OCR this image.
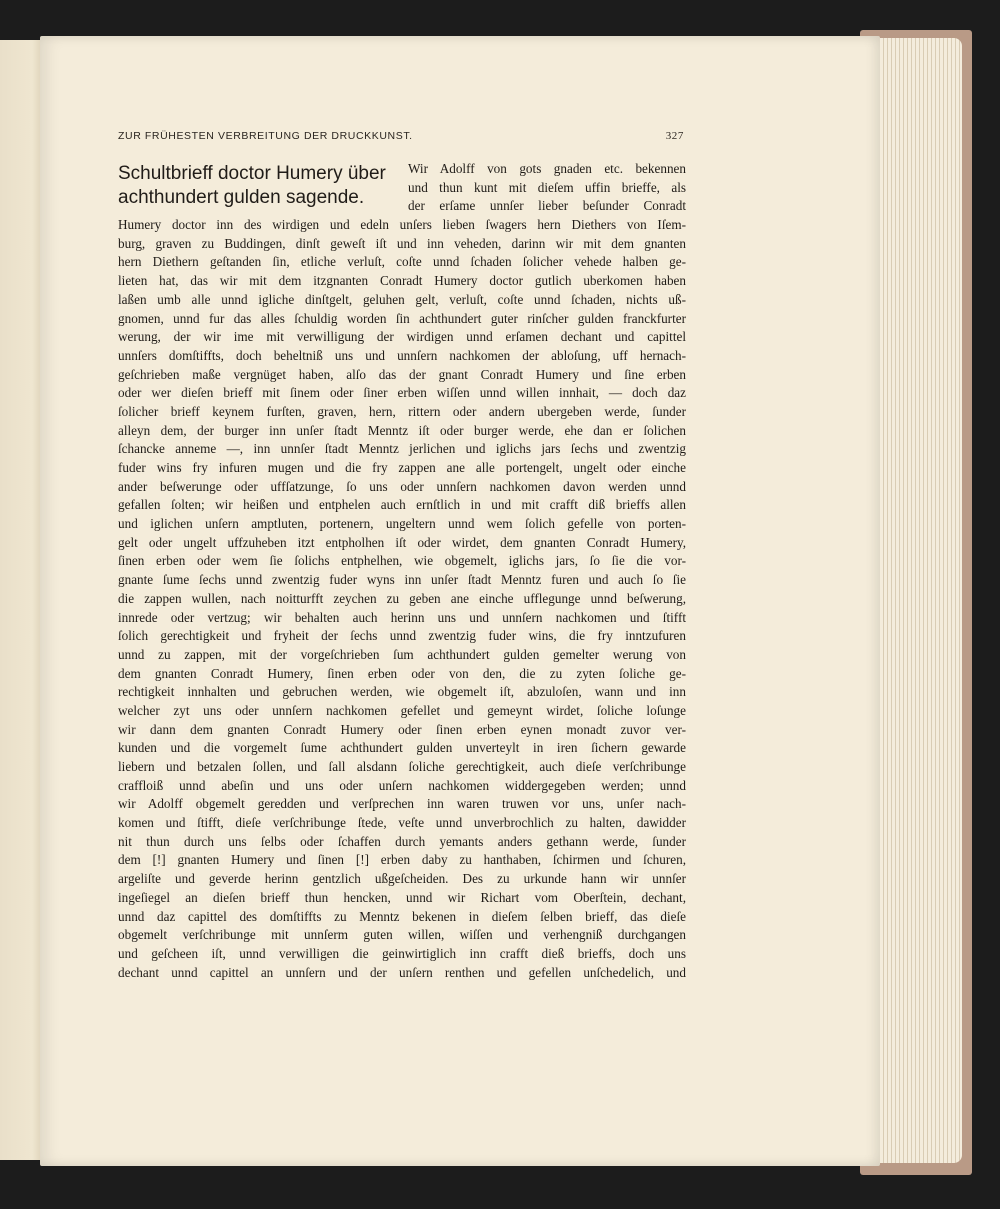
ZUR FRÜHESTEN VERBREITUNG DER DRUCKKUNST.	327
Schultbrieff doctor Humery über
achthundert gulden sagende.
Wir Adolff von gots gnaden etc. bekennen
und thun kunt mit dieſem uffin brieffe, als
der erſame unnſer lieber beſunder Conradt
Humery doctor inn des wirdigen und edeln unſers lieben ſwagers hern Diethers von Iſem-
burg, graven zu Buddingen, dinſt geweſt iſt und inn veheden, darinn wir mit dem gnanten
hern Diethern geſtanden ſin, etliche verluſt, coſte unnd ſchaden ſolicher vehede halben ge-
lieten hat, das wir mit dem itzgnanten Conradt Humery doctor gutlich uberkomen haben
laßen umb alle unnd igliche dinſtgelt, geluhen gelt, verluſt, coſte unnd ſchaden, nichts uß-
gnomen, unnd fur das alles ſchuldig worden ſin achthundert guter rinſcher gulden franckfurter
werung, der wir ime mit verwilligung der wirdigen unnd erſamen dechant und capittel
unnſers domſtiffts, doch beheltniß uns und unnſern nachkomen der abloſung, uff hernach-
geſchrieben maße vergnüget haben, alſo das der gnant Conradt Humery und ſine erben
oder wer dieſen brieff mit ſinem oder ſiner erben wiſſen unnd willen innhait, — doch daz
ſolicher brieff keynem furſten, graven, hern, rittern oder andern ubergeben werde, ſunder
alleyn dem, der burger inn unſer ſtadt Menntz iſt oder burger werde, ehe dan er ſolichen
ſchancke anneme —, inn unnſer ſtadt Menntz jerlichen und iglichs jars ſechs und zwentzig
fuder wins fry infuren mugen und die fry zappen ane alle portengelt, ungelt oder einche
ander beſwerunge oder uffſatzunge, ſo uns oder unnſern nachkomen davon werden unnd
gefallen ſolten; wir heißen und entphelen auch ernſtlich in und mit crafft diß brieffs allen
und iglichen unſern amptluten, portenern, ungeltern unnd wem ſolich gefelle von porten-
gelt oder ungelt uffzuheben itzt entpholhen iſt oder wirdet, dem gnanten Conradt Humery,
ſinen erben oder wem ſie ſolichs entphelhen, wie obgemelt, iglichs jars, ſo ſie die vor-
gnante ſume ſechs unnd zwentzig fuder wyns inn unſer ſtadt Menntz furen und auch ſo ſie
die zappen wullen, nach noitturfft zeychen zu geben ane einche ufflegunge unnd beſwerung,
innrede oder vertzug; wir behalten auch herinn uns und unnſern nachkomen und ſtifft
ſolich gerechtigkeit und fryheit der ſechs unnd zwentzig fuder wins, die fry inntzufuren
unnd zu zappen, mit der vorgeſchrieben ſum achthundert gulden gemelter werung von
dem gnanten Conradt Humery, ſinen erben oder von den, die zu zyten ſoliche ge-
rechtigkeit innhalten und gebruchen werden, wie obgemelt iſt, abzuloſen, wann und inn
welcher zyt uns oder unnſern nachkomen gefellet und gemeynt wirdet, ſoliche loſunge
wir dann dem gnanten Conradt Humery oder ſinen erben eynen monadt zuvor ver-
kunden und die vorgemelt ſume achthundert gulden unverteylt in iren ſichern gewarde
liebern und betzalen ſollen, und ſall alsdann ſoliche gerechtigkeit, auch dieſe verſchribunge
craffloiß unnd abeſin und uns oder unſern nachkomen widdergegeben werden; unnd
wir Adolff obgemelt geredden und verſprechen inn waren truwen vor uns, unſer nach-
komen und ſtifft, dieſe verſchribunge ſtede, veſte unnd unverbrochlich zu halten, dawidder
nit thun durch uns ſelbs oder ſchaffen durch yemants anders gethann werde, ſunder
dem [!] gnanten Humery und ſinen [!] erben daby zu hanthaben, ſchirmen und ſchuren,
argeliſte und geverde herinn gentzlich ußgeſcheiden. Des zu urkunde hann wir unnſer
ingeſiegel an dieſen brieff thun hencken, unnd wir Richart vom Oberſtein, dechant,
unnd daz capittel des domſtiffts zu Menntz bekenen in dieſem ſelben brieff, das dieſe
obgemelt verſchribunge mit unnſerm guten willen, wiſſen und verhengniß durchgangen
und geſcheen iſt, unnd verwilligen die geinwirtiglich inn crafft dieß brieffs, doch uns
dechant unnd capittel an unnſern und der unſern renthen und gefellen unſchedelich, und
